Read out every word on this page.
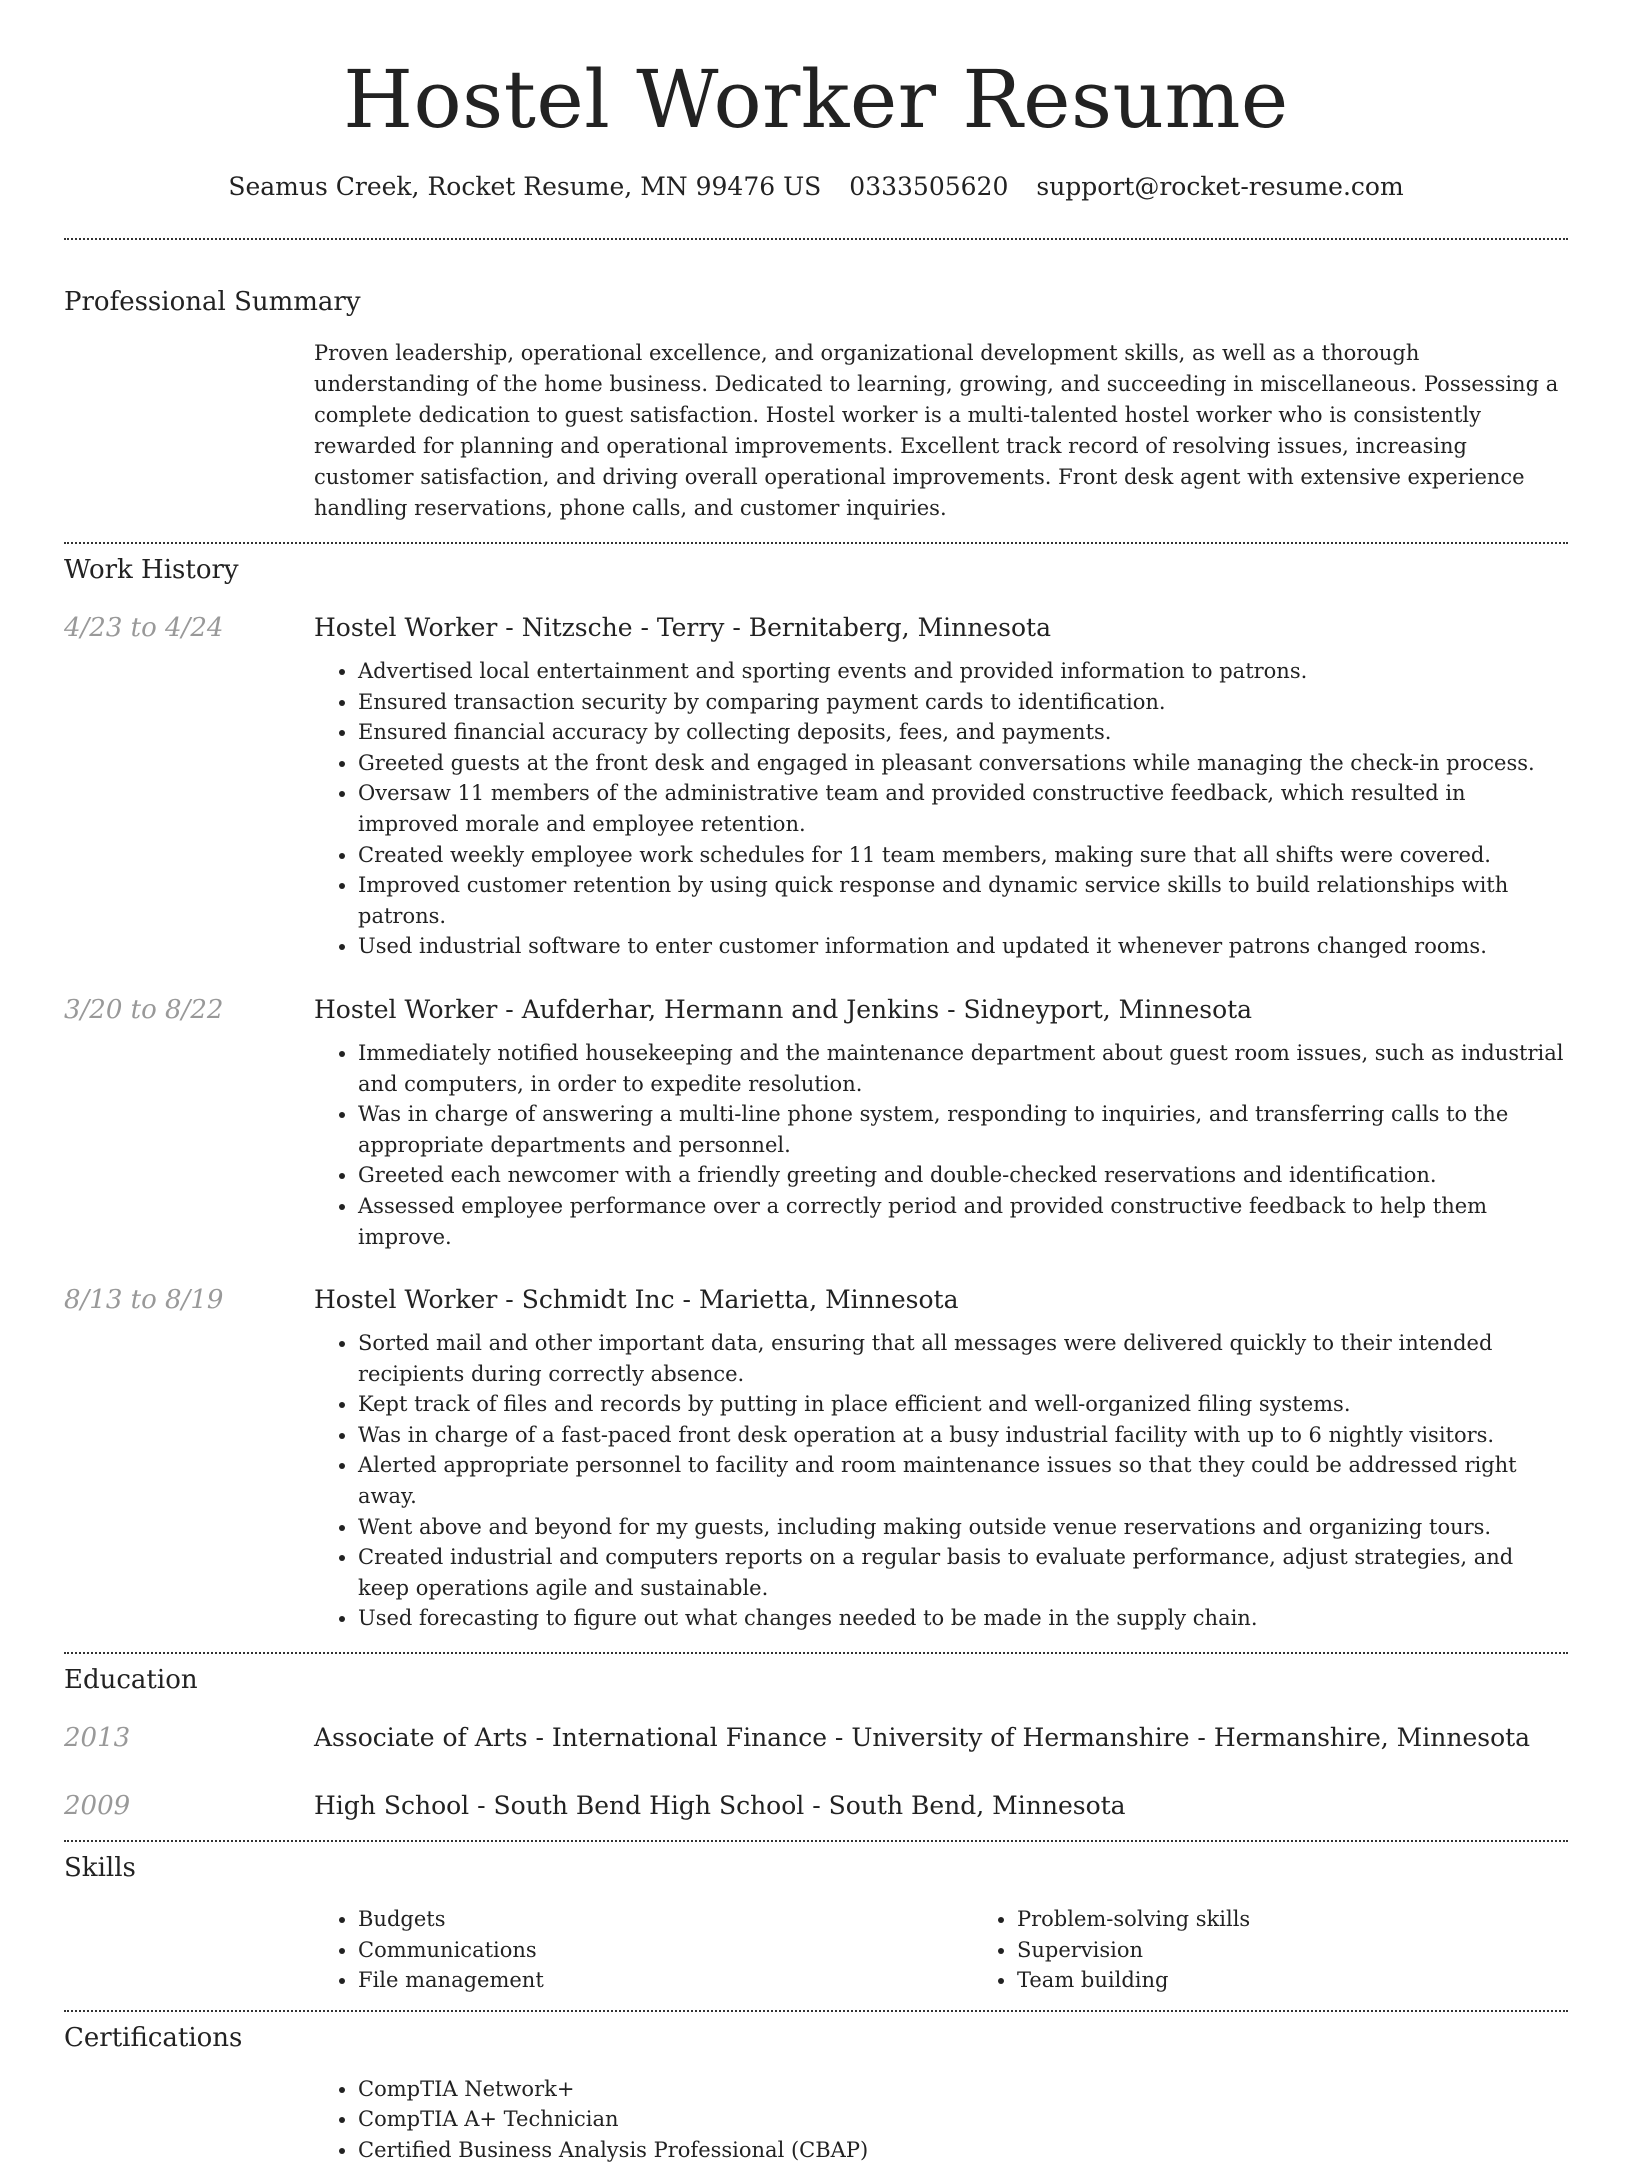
Hostel Worker Resume
Seamus Creek, Rocket Resume, MN 99476 US 0333505620 support@rocket-resume.com
Professional Summary
Proven leadership, operational excellence, and organizational development skills, as well as a thorough understanding of the home business. Dedicated to learning, growing, and succeeding in miscellaneous. Possessing a complete dedication to guest satisfaction. Hostel worker is a multi-talented hostel worker who is consistently rewarded for planning and operational improvements. Excellent track record of resolving issues, increasing customer satisfaction, and driving overall operational improvements. Front desk agent with extensive experience handling reservations, phone calls, and customer inquiries.
Work History
4/23 to 4/24	Hostel Worker - Nitzsche - Terry - Bernitaberg, Minnesota
• Advertised local entertainment and sporting events and provided information to patrons.
• Ensured transaction security by comparing payment cards to identification.
• Ensured financial accuracy by collecting deposits, fees, and payments.
• Greeted guests at the front desk and engaged in pleasant conversations while managing the check-in process.
• Oversaw 11 members of the administrative team and provided constructive feedback, which resulted in improved morale and employee retention.
• Created weekly employee work schedules for 11 team members, making sure that all shifts were covered.
• Improved customer retention by using quick response and dynamic service skills to build relationships with patrons.
• Used industrial software to enter customer information and updated it whenever patrons changed rooms.
3/20 to 8/22	Hostel Worker - Aufderhar, Hermann and Jenkins - Sidneyport, Minnesota
• Immediately notified housekeeping and the maintenance department about guest room issues, such as industrial and computers, in order to expedite resolution.
• Was in charge of answering a multi-line phone system, responding to inquiries, and transferring calls to the appropriate departments and personnel.
• Greeted each newcomer with a friendly greeting and double-checked reservations and identification.
• Assessed employee performance over a correctly period and provided constructive feedback to help them improve.
8/13 to 8/19	Hostel Worker - Schmidt Inc - Marietta, Minnesota
• Sorted mail and other important data, ensuring that all messages were delivered quickly to their intended recipients during correctly absence.
• Kept track of files and records by putting in place efficient and well-organized filing systems.
• Was in charge of a fast-paced front desk operation at a busy industrial facility with up to 6 nightly visitors.
• Alerted appropriate personnel to facility and room maintenance issues so that they could be addressed right away.
• Went above and beyond for my guests, including making outside venue reservations and organizing tours.
• Created industrial and computers reports on a regular basis to evaluate performance, adjust strategies, and keep operations agile and sustainable.
• Used forecasting to figure out what changes needed to be made in the supply chain.
Education
2013	Associate of Arts - International Finance - University of Hermanshire - Hermanshire, Minnesota
2009	High School - South Bend High School - South Bend, Minnesota
Skills
• Budgets
• Communications
• File management
• Problem-solving skills
• Supervision
• Team building
Certifications
• CompTIA Network+
• CompTIA A+ Technician
• Certified Business Analysis Professional (CBAP)
